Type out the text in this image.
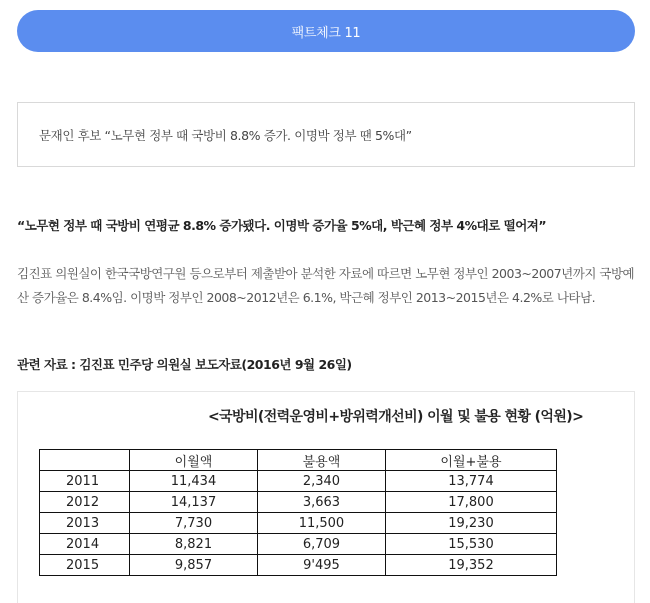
팩트체크 11
문재인 후보 “노무현 정부 때 국방비 8.8% 증가. 이명박 정부 땐 5%대”
“노무현 정부 때 국방비 연평균 8.8% 증가됐다. 이명박 증가율 5%대, 박근혜 정부 4%대로 떨어져”
김진표 의원실이 한국국방연구원 등으로부터 제출받아 분석한 자료에 따르면 노무현 정부인 2003~2007년까지 국방예산 증가율은 8.4%임. 이명박 정부인 2008~2012년은 6.1%, 박근혜 정부인 2013~2015년은 4.2%로 나타남.
관련 자료 : 김진표 민주당 의원실 보도자료(2016년 9월 26일)
<국방비(전력운영비+방위력개선비) 이월 및 불용 현황 (억원)>
	이월액	불용액	이월+불용
2011	11,434	2,340	13,774
2012	14,137	3,663	17,800
2013	7,730	11,500	19,230
2014	8,821	6,709	15,530
2015	9,857	9'495	19,352
